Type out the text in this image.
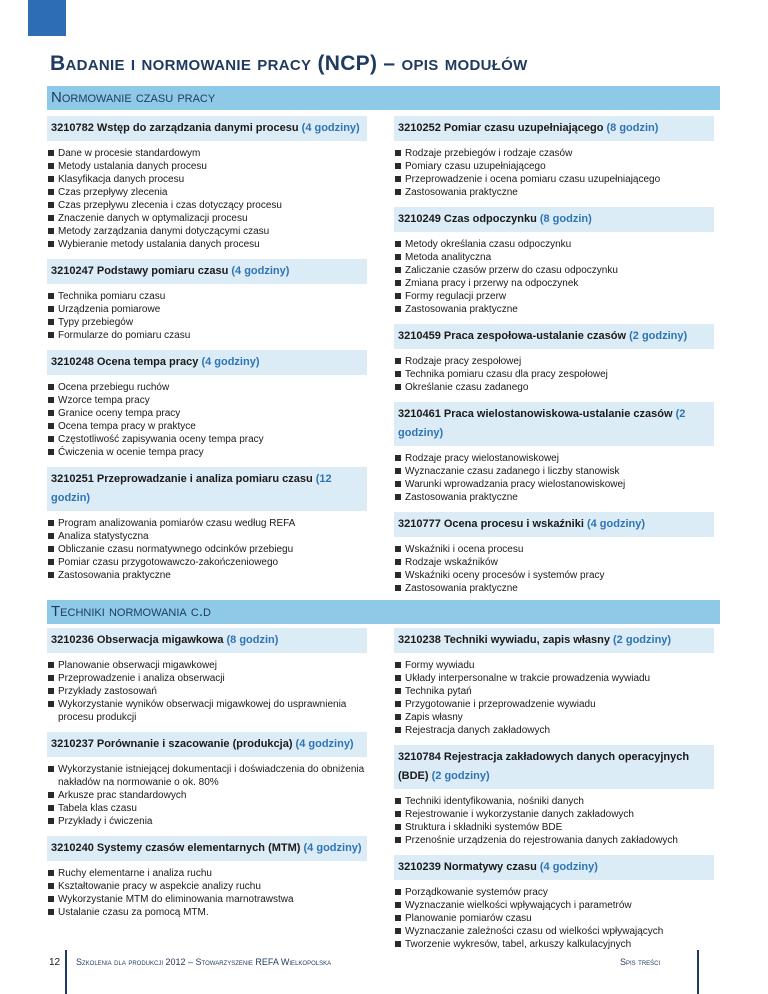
Badanie i normowanie pracy (NCP) – opis modułów
Normowanie czasu pracy
3210782 Wstęp do zarządzania danymi procesu (4 godziny)
Dane w procesie standardowym
Metody ustalania danych procesu
Klasyfikacja danych procesu
Czas przepływy zlecenia
Czas przepływu zlecenia i czas dotyczący procesu
Znaczenie danych w optymalizacji procesu
Metody zarządzania danymi dotyczącymi czasu
Wybieranie metody ustalania danych procesu
3210247 Podstawy pomiaru czasu (4 godziny)
Technika pomiaru czasu
Urządzenia pomiarowe
Typy przebiegów
Formularze do pomiaru czasu
3210248 Ocena tempa pracy (4 godziny)
Ocena przebiegu ruchów
Wzorce tempa pracy
Granice oceny tempa pracy
Ocena tempa pracy w praktyce
Częstotliwość zapisywania oceny tempa pracy
Ćwiczenia w ocenie tempa pracy
3210251 Przeprowadzanie i analiza pomiaru czasu (12 godzin)
Program analizowania pomiarów czasu według REFA
Analiza statystyczna
Obliczanie czasu normatywnego odcinków przebiegu
Pomiar czasu przygotowawczo-zakończeniowego
Zastosowania praktyczne
3210252 Pomiar czasu uzupełniającego (8 godzin)
Rodzaje przebiegów i rodzaje czasów
Pomiary czasu uzupełniającego
Przeprowadzenie i ocena pomiaru czasu uzupełniającego
Zastosowania praktyczne
3210249 Czas odpoczynku (8 godzin)
Metody określania czasu odpoczynku
Metoda analityczna
Zaliczanie czasów przerw do czasu odpoczynku
Zmiana pracy i przerwy na odpoczynek
Formy regulacji przerw
Zastosowania praktyczne
3210459 Praca zespołowa-ustalanie czasów (2 godziny)
Rodzaje pracy zespołowej
Technika pomiaru czasu dla pracy zespołowej
Określanie czasu zadanego
3210461 Praca wielostanowiskowa-ustalanie czasów (2 godziny)
Rodzaje pracy wielostanowiskowej
Wyznaczanie czasu zadanego i liczby stanowisk
Warunki wprowadzania pracy wielostanowiskowej
Zastosowania praktyczne
3210777 Ocena procesu i wskaźniki (4 godziny)
Wskaźniki i ocena procesu
Rodzaje wskaźników
Wskaźniki oceny procesów i systemów pracy
Zastosowania praktyczne
Techniki normowania c.d
3210236 Obserwacja migawkowa (8 godzin)
Planowanie obserwacji migawkowej
Przeprowadzenie i analiza obserwacji
Przykłady zastosowań
Wykorzystanie wyników obserwacji migawkowej do usprawnienia procesu produkcji
3210237 Porównanie i szacowanie (produkcja) (4 godziny)
Wykorzystanie istniejącej dokumentacji i doświadczenia do obniżenia nakładów na normowanie o ok. 80%
Arkusze prac standardowych
Tabela klas czasu
Przykłady i ćwiczenia
3210240 Systemy czasów elementarnych (MTM) (4 godziny)
Ruchy elementarne i analiza ruchu
Kształtowanie pracy w aspekcie analizy ruchu
Wykorzystanie MTM do eliminowania marnotrawstwa
Ustalanie czasu za pomocą MTM.
3210238 Techniki wywiadu, zapis własny (2 godziny)
Formy wywiadu
Układy interpersonalne w trakcie prowadzenia wywiadu
Technika pytań
Przygotowanie i przeprowadzenie wywiadu
Zapis własny
Rejestracja danych zakładowych
3210784 Rejestracja zakładowych danych operacyjnych (BDE) (2 godziny)
Techniki identyfikowania, nośniki danych
Rejestrowanie i wykorzystanie danych zakładowych
Struktura i składniki systemów BDE
Przenośnie urządzenia do rejestrowania danych zakładowych
3210239 Normatywy czasu (4 godziny)
Porządkowanie systemów pracy
Wyznaczanie wielkości wpływających i parametrów
Planowanie pomiarów czasu
Wyznaczanie zależności czasu od wielkości wpływających
Tworzenie wykresów, tabel, arkuszy kalkulacyjnych
12 Szkolenia dla produkcji 2012 – Stowarzyszenie REFA Wielkopolska	Spis treści
